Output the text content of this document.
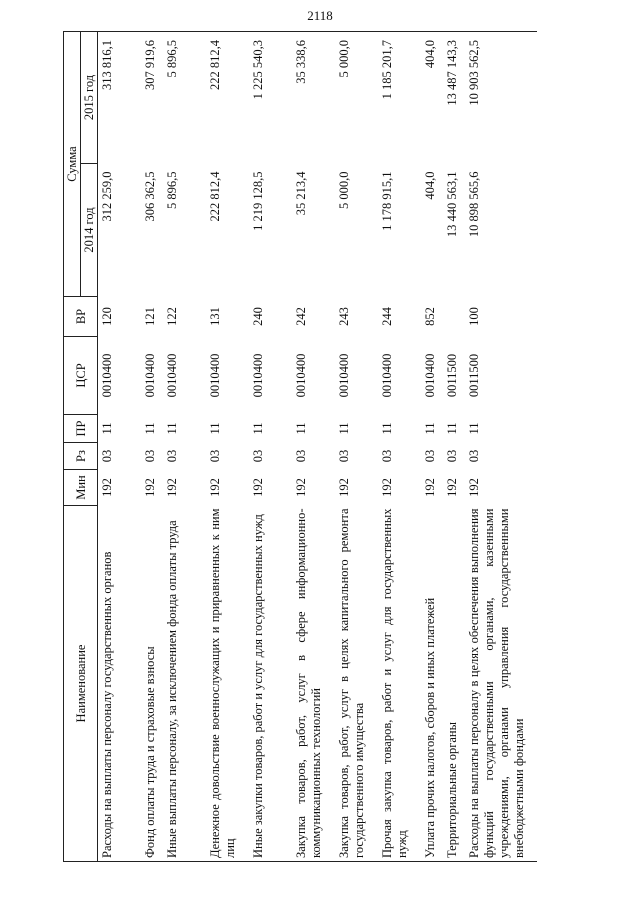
2118
Наименование	Мин	Рз	ПР	ЦСР	ВР	Сумма	
						2014 год	2015 год
Расходы на выплаты персоналу государственных органов	192	03	11	0010400	120	312 259,0	313 816,1
Фонд оплаты труда и страховые взносы	192	03	11	0010400	121	306 362,5	307 919,6
Иные выплаты персоналу, за исключением фонда оплаты труда	192	03	11	0010400	122	5 896,5	5 896,5
Денежное довольствие военнослужащих и приравненных к ним лиц	192	03	11	0010400	131	222 812,4	222 812,4
Иные закупки товаров, работ и услуг для государственных нужд	192	03	11	0010400	240	1 219 128,5	1 225 540,3
Закупка товаров, работ, услуг в сфере информационно-коммуникационных технологий	192	03	11	0010400	242	35 213,4	35 338,6
Закупка товаров, работ, услуг в целях капитального ремонта государственного имущества	192	03	11	0010400	243	5 000,0	5 000,0
Прочая закупка товаров, работ и услуг для государственных нужд	192	03	11	0010400	244	1 178 915,1	1 185 201,7
Уплата прочих налогов, сборов и иных платежей	192	03	11	0010400	852	404,0	404,0
Территориальные органы	192	03	11	0011500		13 440 563,1	13 487 143,3
Расходы на выплаты персоналу в целях обеспечения выполнения функций государственными органами, казенными учреждениями, органами управления государственными внебюджетными фондами	192	03	11	0011500	100	10 898 565,6	10 903 562,5
